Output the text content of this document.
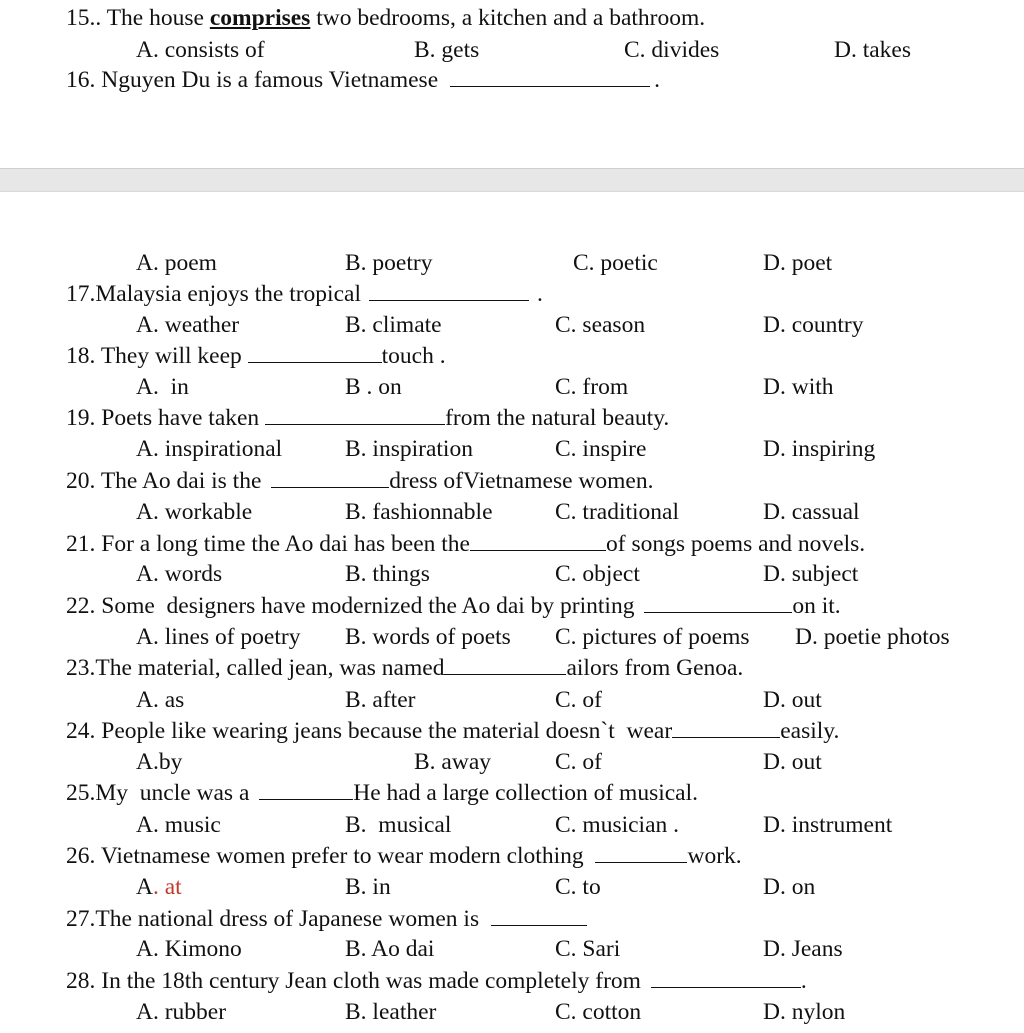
15.. The house comprises two bedrooms, a kitchen and a bathroom.
A. consists of	B. gets	C. divides	D. takes
16. Nguyen Du is a famous Vietnamese	.
A. poem	B. poetry	C. poetic	D. poet
17.Malaysia enjoys the tropical	.
A. weather	B. climate	C. season	D. country
18. They will keep	touch .
A.  in	B . on	C. from	D. with
19. Poets have taken	from the natural beauty.
A. inspirational	B. inspiration	C. inspire	D. inspiring
20. The Ao dai is the	dress ofVietnamese women.
A. workable	B. fashionnable	C. traditional	D. cassual
21. For a long time the Ao dai has been the	of songs poems and novels.
A. words	B. things	C. object	D. subject
22. Some  designers have modernized the Ao dai by printing	on it.
A. lines of poetry B. words of poets C. pictures of poems D. poetie photos
23.The material, called jean, was named	ailors from Genoa.
A. as	B. after	C. of	D. out
24. People like wearing jeans because the material doesn`t  wear	easily.
A.by	B. away	C. of	D. out
25.My  uncle was a	He had a large collection of musical.
A. music	B.  musical	C. musician .	D. instrument
26. Vietnamese women prefer to wear modern clothing	work.
A. at	B. in	C. to	D. on
27.The national dress of Japanese women is
A. Kimono	B. Ao dai	C. Sari	D. Jeans
28. In the 18th century Jean cloth was made completely from	.
A. rubber	B. leather	C. cotton	D. nylon
